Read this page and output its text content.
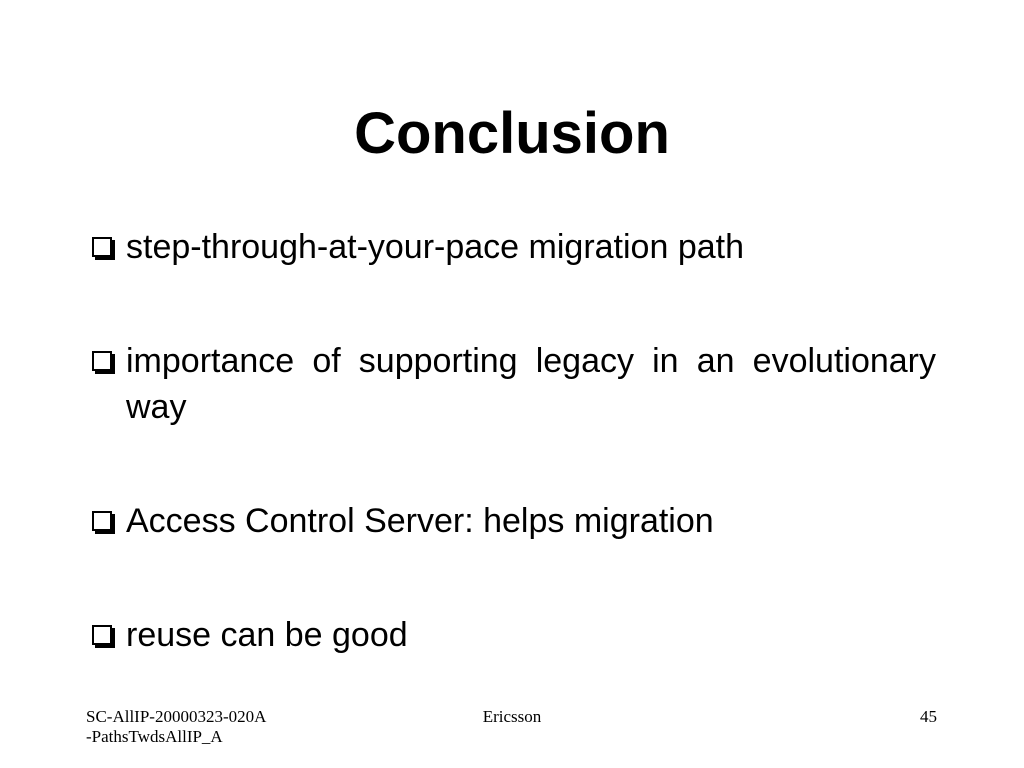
Conclusion
step-through-at-your-pace migration path
importance of supporting legacy in an evolutionary way
Access Control Server: helps migration
reuse can be good
SC-AllIP-20000323-020A-PathsTwdsAllIP_A
Ericsson	45
